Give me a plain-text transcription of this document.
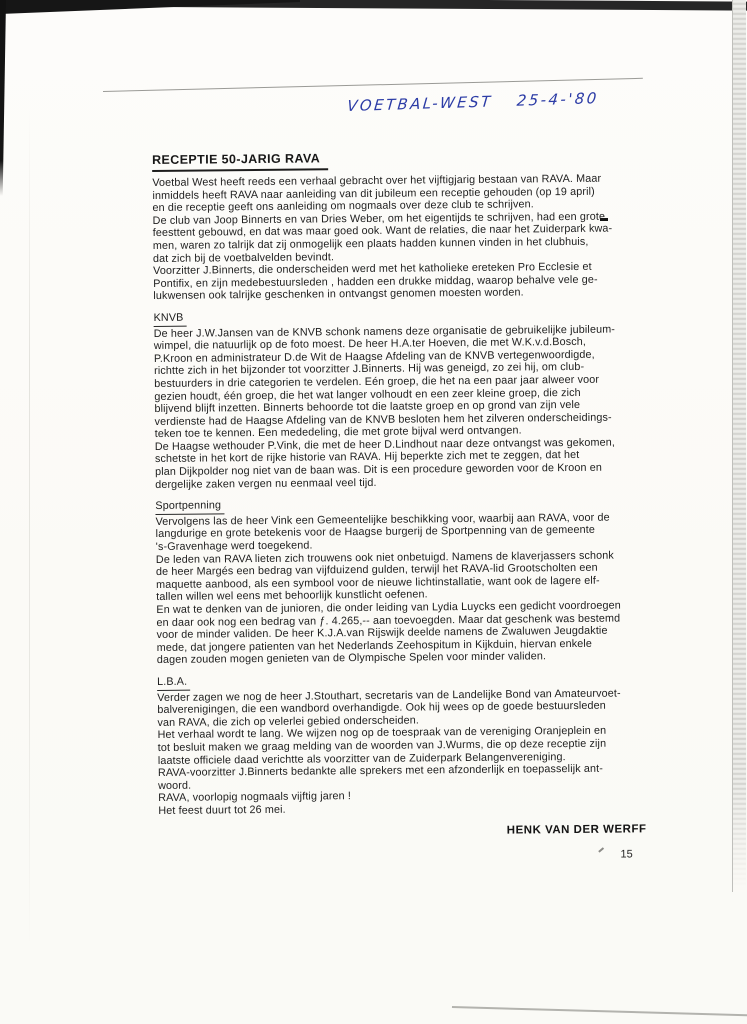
VOETBAL-WEST  25-4-'80
RECEPTIE 50-JARIG RAVA

Voetbal West heeft reeds een verhaal gebracht over het vijftigjarig bestaan van RAVA. Maar
inmiddels heeft RAVA naar aanleiding van dit jubileum een receptie gehouden (op 19 april)
en die receptie geeft ons aanleiding om nogmaals over deze club te schrijven.
De club van Joop Binnerts en van Dries Weber, om het eigentijds te schrijven, had een grote
feesttent gebouwd, en dat was maar goed ook. Want de relaties, die naar het Zuiderpark kwa-
men, waren zo talrijk dat zij onmogelijk een plaats hadden kunnen vinden in het clubhuis,
dat zich bij de voetbalvelden bevindt.
Voorzitter J.Binnerts, die onderscheiden werd met het katholieke ereteken Pro Ecclesie et
Pontifix, en zijn medebestuursleden , hadden een drukke middag, waarop behalve vele ge-
lukwensen ook talrijke geschenken in ontvangst genomen moesten worden.

KNVB

De heer J.W.Jansen van de KNVB schonk namens deze organisatie de gebruikelijke jubileum-
wimpel, die natuurlijk op de foto moest. De heer H.A.ter Hoeven, die met W.K.v.d.Bosch,
P.Kroon en administrateur D.de Wit de Haagse Afdeling van de KNVB vertegenwoordigde,
richtte zich in het bijzonder tot voorzitter J.Binnerts. Hij was geneigd, zo zei hij, om club-
bestuurders in drie categorien te verdelen. Eén groep, die het na een paar jaar alweer voor
gezien houdt, één groep, die het wat langer volhoudt en een zeer kleine groep, die zich
blijvend blijft inzetten. Binnerts behoorde tot die laatste groep en op grond van zijn vele
verdienste had de Haagse Afdeling van de KNVB besloten hem het zilveren onderscheidings-
teken toe te kennen. Een mededeling, die met grote bijval werd ontvangen.
De Haagse wethouder P.Vink, die met de heer D.Lindhout naar deze ontvangst was gekomen,
schetste in het kort de rijke historie van RAVA. Hij beperkte zich met te zeggen, dat het
plan Dijkpolder nog niet van de baan was. Dit is een procedure geworden voor de Kroon en
dergelijke zaken vergen nu eenmaal veel tijd.

Sportpenning

Vervolgens las de heer Vink een Gemeentelijke beschikking voor, waarbij aan RAVA, voor de
langdurige en grote betekenis voor de Haagse burgerij de Sportpenning van de gemeente
's-Gravenhage werd toegekend.
De leden van RAVA lieten zich trouwens ook niet onbetuigd. Namens de klaverjassers schonk
de heer Margés een bedrag van vijfduizend gulden, terwijl het RAVA-lid Grootscholten een
maquette aanbood, als een symbool voor de nieuwe lichtinstallatie, want ook de lagere elf-
tallen willen wel eens met behoorlijk kunstlicht oefenen.
En wat te denken van de junioren, die onder leiding van Lydia Luycks een gedicht voordroegen
en daar ook nog een bedrag van ƒ. 4.265,-- aan toevoegden. Maar dat geschenk was bestemd
voor de minder validen. De heer K.J.A.van Rijswijk deelde namens de Zwaluwen Jeugdaktie
mede, dat jongere patienten van het Nederlands Zeehospitum in Kijkduin, hiervan enkele
dagen zouden mogen genieten van de Olympische Spelen voor minder validen.

L.B.A.

Verder zagen we nog de heer J.Stouthart, secretaris van de Landelijke Bond van Amateurvoet-
balverenigingen, die een wandbord overhandigde. Ook hij wees op de goede bestuursleden
van RAVA, die zich op velerlei gebied onderscheiden.
Het verhaal wordt te lang. We wijzen nog op de toespraak van de vereniging Oranjeplein en
tot besluit maken we graag melding van de woorden van J.Wurms, die op deze receptie zijn
laatste officiele daad verichtte als voorzitter van de Zuiderpark Belangenvereniging.
RAVA-voorzitter J.Binnerts bedankte alle sprekers met een afzonderlijk en toepasselijk ant-
woord.
RAVA, voorlopig nogmaals vijftig jaren !
Het feest duurt tot 26 mei.

HENK VAN DER WERFF
15
